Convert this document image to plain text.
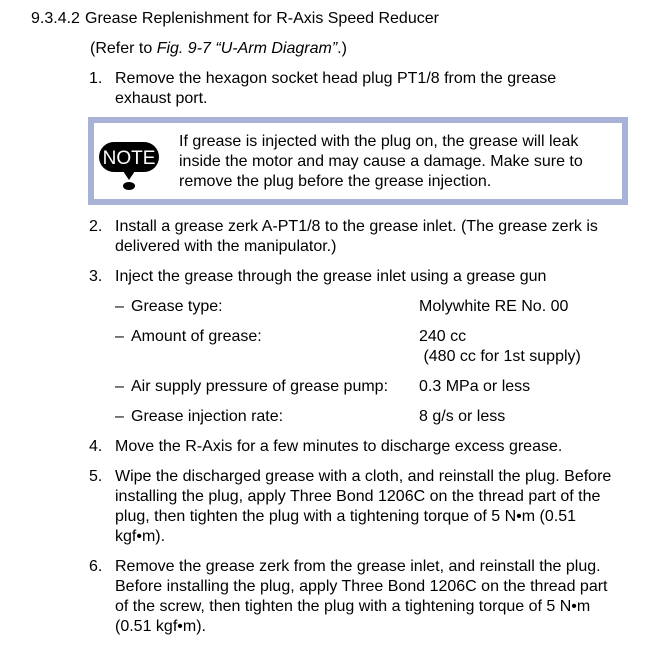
9.3.4.2 Grease Replenishment for R-Axis Speed Reducer
(Refer to Fig. 9-7 “U-Arm Diagram”.)
1. Remove the hexagon socket head plug PT1/8 from the grease
exhaust port.
NOTE
If grease is injected with the plug on, the grease will leak
inside the motor and may cause a damage. Make sure to
remove the plug before the grease injection.
2. Install a grease zerk A-PT1/8 to the grease inlet. (The grease zerk is
delivered with the manipulator.)
3. Inject the grease through the grease inlet using a grease gun
– Grease type:	Molywhite RE No. 00
– Amount of grease:	240 cc
(480 cc for 1st supply)
– Air supply pressure of grease pump: 0.3 MPa or less
– Grease injection rate:	8 g/s or less
4. Move the R-Axis for a few minutes to discharge excess grease.
5. Wipe the discharged grease with a cloth, and reinstall the plug. Before
installing the plug, apply Three Bond 1206C on the thread part of the
plug, then tighten the plug with a tightening torque of 5 N•m (0.51
kgf•m).
6. Remove the grease zerk from the grease inlet, and reinstall the plug.
Before installing the plug, apply Three Bond 1206C on the thread part
of the screw, then tighten the plug with a tightening torque of 5 N•m
(0.51 kgf•m).
